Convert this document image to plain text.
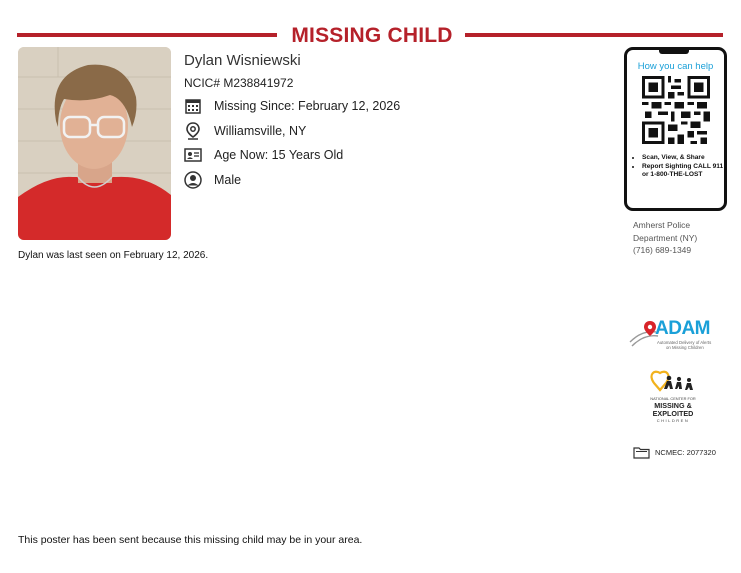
MISSING CHILD
Dylan Wisniewski
NCIC# M238841972
Missing Since: February 12, 2026
Williamsville, NY
Age Now: 15 Years Old
Male
Dylan was last seen on February 12, 2026.
How you can help
• Scan, View, & Share
• Report Sighting CALL 911 or 1-800-THE-LOST
Amherst Police
Department (NY)
(716) 689-1349
ADAM
Automated Delivery of Alerts
on Missing Children
NATIONAL CENTER FOR
MISSING &
EXPLOITED
CHILDREN
NCMEC: 2077320
This poster has been sent because this missing child may be in your area.
